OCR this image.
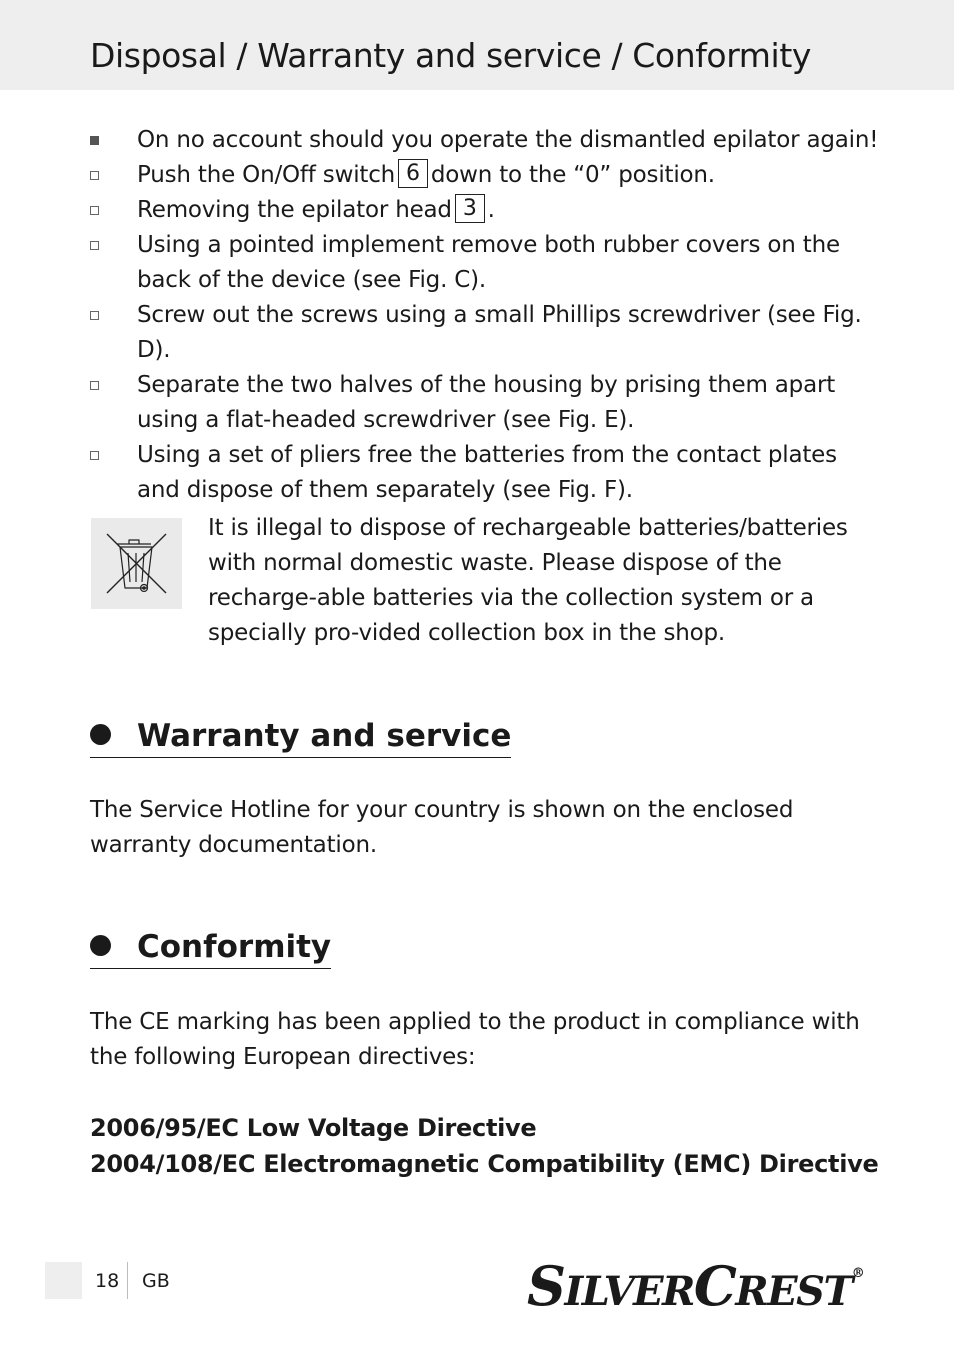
Disposal / Warranty and service / Conformity
On no account should you operate the dismantled epilator again!
Push the On/Off switch 6 down to the “0” position.
Removing the epilator head 3 .
Using a pointed implement remove both rubber covers on the back of the device (see Fig. C).
Screw out the screws using a small Phillips screwdriver (see Fig. D).
Separate the two halves of the housing by prising them apart using a flat-headed screwdriver (see Fig. E).
Using a set of pliers free the batteries from the contact plates and dispose of them separately (see Fig. F).

It is illegal to dispose of rechargeable batteries/batteries with normal domestic waste. Please dispose of the recharge-able batteries via the collection system or a specially pro-vided collection box in the shop.

Warranty and service

The Service Hotline for your country is shown on the enclosed warranty documentation.

Conformity

The CE marking has been applied to the product in compliance with the following European directives:

2006/95/EC Low Voltage Directive
2004/108/EC Electromagnetic Compatibility (EMC) Directive
18 GB	SILVERCREST®
